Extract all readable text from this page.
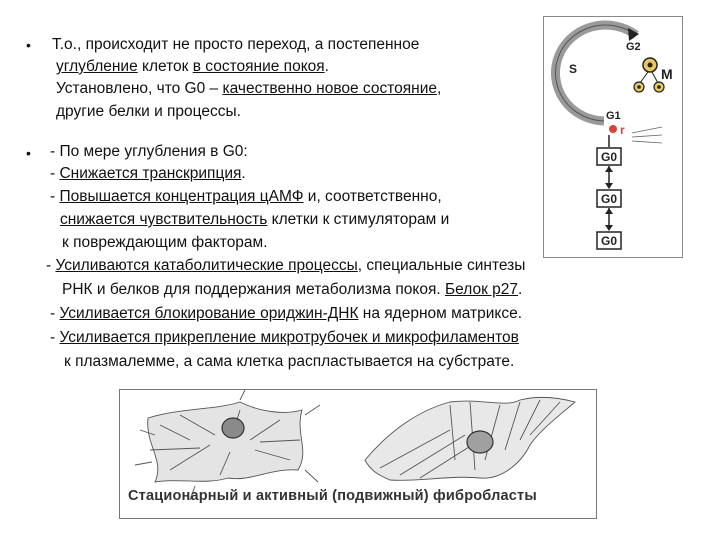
• Т.о., происходит не просто переход, а постепенное
углубление клеток в состояние покоя.
Установлено, что G0 – качественно новое состояние,
другие белки и процессы.
• - По мере углубления в G0:
- Снижается транскрипция.
- Повышается концентрация цАМФ и, соответственно,
снижается чувствительность клетки к стимуляторам и
к повреждающим факторам.
- Усиливаются катаболитические процессы, специальные синтезы
РНК и белков для поддержания метаболизма покоя. Белок р27.
- Усиливается блокирование ориджин-ДНК на ядерном матриксе.
- Усиливается прикрепление микротрубочек и микрофиламентов
к плазмалемме, а сама клетка распластывается на субстрате.
S
G2
M
G1
r
G0
G0
G0
Стационарный и активный (подвижный) фибробласты
